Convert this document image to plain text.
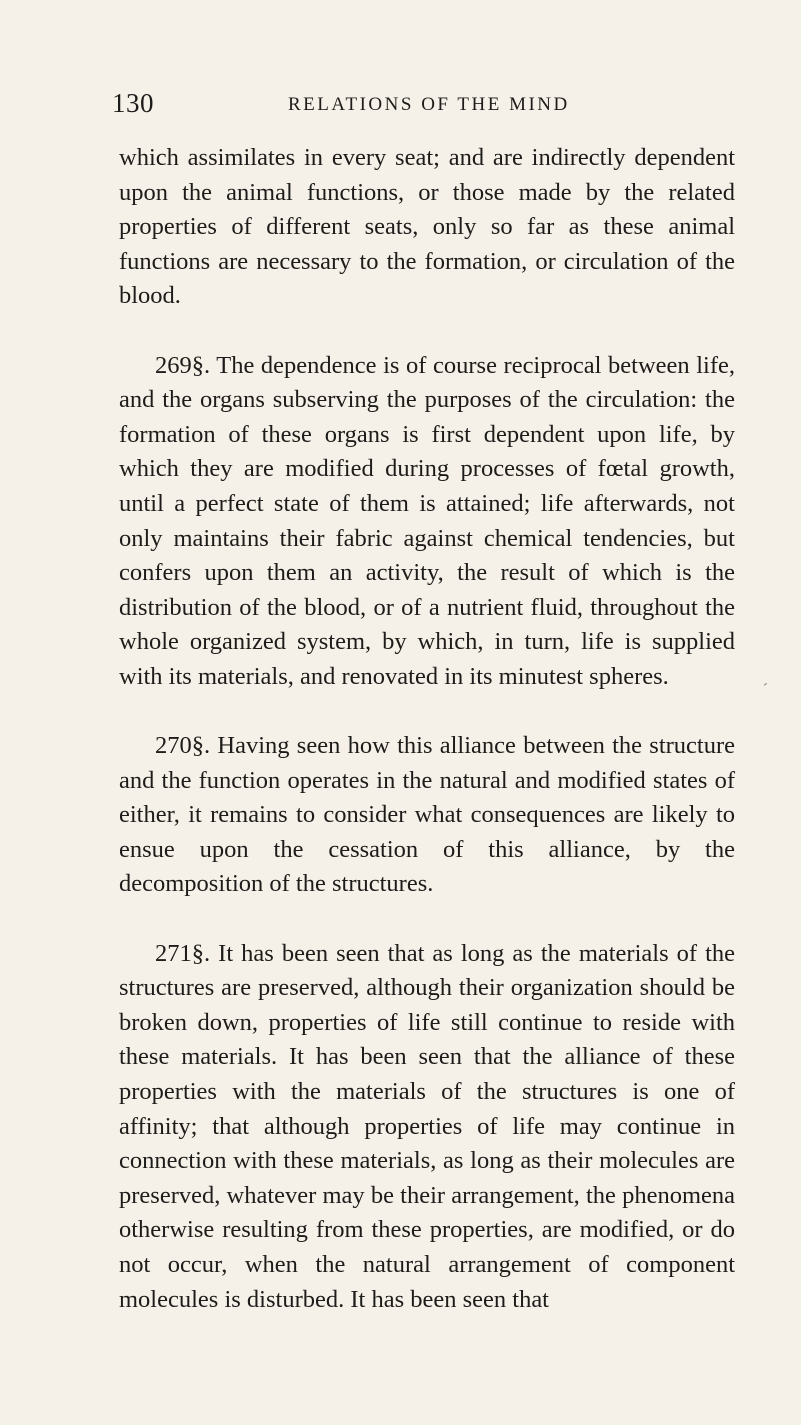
130	RELATIONS OF THE MIND

which assimilates in every seat; and are indirectly dependent upon the animal functions, or those made by the related properties of different seats, only so far as these animal functions are necessary to the formation, or circulation of the blood.

269§. The dependence is of course reciprocal between life, and the organs subserving the purposes of the circulation: the formation of these organs is first dependent upon life, by which they are modified during processes of fœtal growth, until a perfect state of them is attained; life afterwards, not only maintains their fabric against chemical tendencies, but confers upon them an activity, the result of which is the distribution of the blood, or of a nutrient fluid, throughout the whole organized system, by which, in turn, life is supplied with its materials, and renovated in its minutest spheres.

270§. Having seen how this alliance between the structure and the function operates in the natural and modified states of either, it remains to consider what consequences are likely to ensue upon the cessation of this alliance, by the decomposition of the structures.

271§. It has been seen that as long as the materials of the structures are preserved, although their organization should be broken down, properties of life still continue to reside with these materials. It has been seen that the alliance of these properties with the materials of the structures is one of affinity; that although properties of life may continue in connection with these materials, as long as their molecules are preserved, whatever may be their arrangement, the phenomena otherwise resulting from these properties, are modified, or do not occur, when the natural arrangement of component molecules is disturbed. It has been seen that

ˊ
